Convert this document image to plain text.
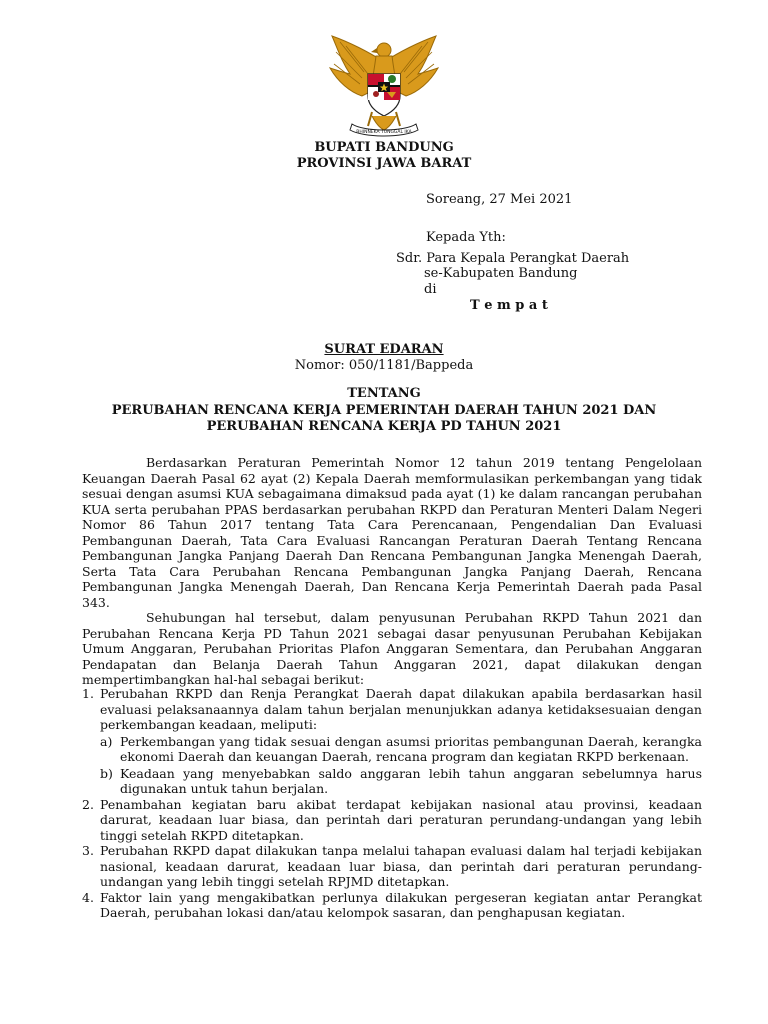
BHINNEKA TUNGGAL IKA
BUPATI BANDUNG
PROVINSI JAWA BARAT
Soreang, 27 Mei 2021
Kepada Yth:
Sdr. Para Kepala Perangkat Daerah
se-Kabupaten Bandung
di
T e m p a t
SURAT EDARAN
Nomor: 050/1181/Bappeda
TENTANG
PERUBAHAN RENCANA KERJA PEMERINTAH DAERAH TAHUN 2021 DAN
PERUBAHAN RENCANA KERJA PD TAHUN 2021
Berdasarkan Peraturan Pemerintah Nomor 12 tahun 2019 tentang Pengelolaan Keuangan Daerah Pasal 62 ayat (2) Kepala Daerah memformulasikan perkembangan yang tidak sesuai dengan asumsi KUA sebagaimana dimaksud pada ayat (1) ke dalam rancangan perubahan KUA serta perubahan PPAS berdasarkan perubahan RKPD dan Peraturan Menteri Dalam Negeri Nomor 86 Tahun 2017 tentang Tata Cara Perencanaan, Pengendalian Dan Evaluasi Pembangunan Daerah, Tata Cara Evaluasi Rancangan Peraturan Daerah Tentang Rencana Pembangunan Jangka Panjang Daerah Dan Rencana Pembangunan Jangka Menengah Daerah, Serta Tata Cara Perubahan Rencana Pembangunan Jangka Panjang Daerah, Rencana Pembangunan Jangka Menengah Daerah, Dan Rencana Kerja Pemerintah Daerah pada Pasal 343.
Sehubungan hal tersebut, dalam penyusunan Perubahan RKPD Tahun 2021 dan Perubahan Rencana Kerja PD Tahun 2021 sebagai dasar penyusunan Perubahan Kebijakan Umum Anggaran, Perubahan Prioritas Plafon Anggaran Sementara, dan Perubahan Anggaran Pendapatan dan Belanja Daerah Tahun Anggaran 2021, dapat dilakukan dengan mempertimbangkan hal-hal sebagai berikut:
1. Perubahan RKPD dan Renja Perangkat Daerah dapat dilakukan apabila berdasarkan hasil evaluasi pelaksanaannya dalam tahun berjalan menunjukkan adanya ketidaksesuaian dengan perkembangan keadaan, meliputi:
a) Perkembangan yang tidak sesuai dengan asumsi prioritas pembangunan Daerah, kerangka ekonomi Daerah dan keuangan Daerah, rencana program dan kegiatan RKPD berkenaan.
b) Keadaan yang menyebabkan saldo anggaran lebih tahun anggaran sebelumnya harus digunakan untuk tahun berjalan.
2. Penambahan kegiatan baru akibat terdapat kebijakan nasional atau provinsi, keadaan darurat, keadaan luar biasa, dan perintah dari peraturan perundang-undangan yang lebih tinggi setelah RKPD ditetapkan.
3. Perubahan RKPD dapat dilakukan tanpa melalui tahapan evaluasi dalam hal terjadi kebijakan nasional, keadaan darurat, keadaan luar biasa, dan perintah dari peraturan perundang-undangan yang lebih tinggi setelah RPJMD ditetapkan.
4. Faktor lain yang mengakibatkan perlunya dilakukan pergeseran kegiatan antar Perangkat Daerah, perubahan lokasi dan/atau kelompok sasaran, dan penghapusan kegiatan.
